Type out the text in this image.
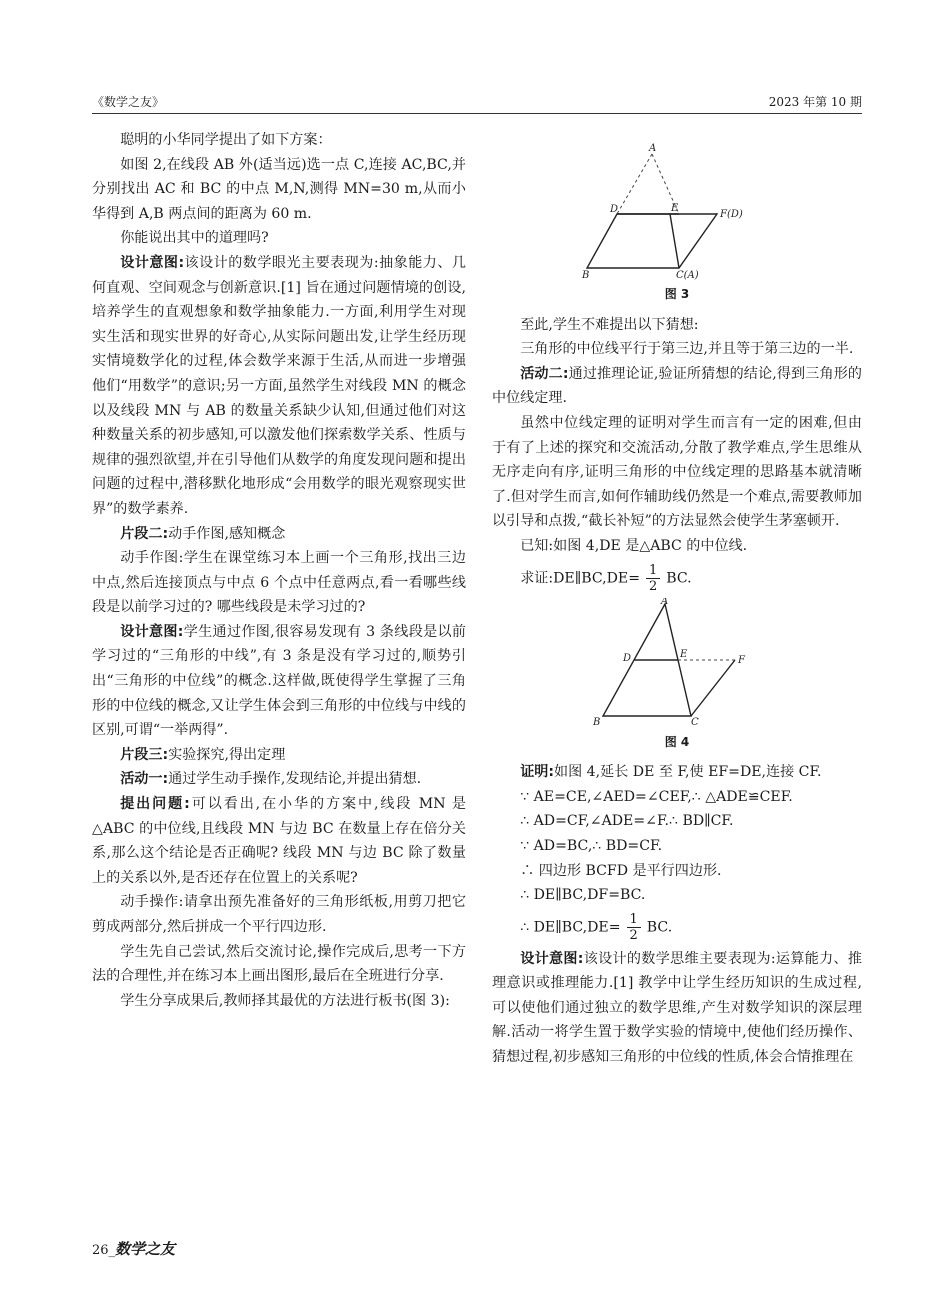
《数学之友》	2023 年第 10 期

聪明的小华同学提出了如下方案：

如图 2,在线段 AB 外(适当远)选一点 C,连接 AC,BC,并分别找出 AC 和 BC 的中点 M,N,测得 MN=30 m,从而小华得到 A,B 两点间的距离为 60 m.

你能说出其中的道理吗?

设计意图:该设计的数学眼光主要表现为:抽象能力、几何直观、空间观念与创新意识.[1] 旨在通过问题情境的创设,培养学生的直观想象和数学抽象能力.一方面,利用学生对现实生活和现实世界的好奇心,从实际问题出发,让学生经历现实情境数学化的过程,体会数学来源于生活,从而进一步增强他们“用数学”的意识;另一方面,虽然学生对线段 MN 的概念以及线段 MN 与 AB 的数量关系缺少认知,但通过他们对这种数量关系的初步感知,可以激发他们探索数学关系、性质与规律的强烈欲望,并在引导他们从数学的角度发现问题和提出问题的过程中,潜移默化地形成“会用数学的眼光观察现实世界”的数学素养.

片段二:动手作图,感知概念

动手作图:学生在课堂练习本上画一个三角形,找出三边中点,然后连接顶点与中点 6 个点中任意两点,看一看哪些线段是以前学习过的? 哪些线段是未学习过的?

设计意图:学生通过作图,很容易发现有 3 条线段是以前学习过的“三角形的中线”,有 3 条是没有学习过的,顺势引出“三角形的中位线”的概念.这样做,既使得学生掌握了三角形的中位线的概念,又让学生体会到三角形的中位线与中线的区别,可谓“一举两得”.

片段三:实验探究,得出定理

活动一:通过学生动手操作,发现结论,并提出猜想.

提出问题:可以看出,在小华的方案中,线段 MN 是△ABC 的中位线,且线段 MN 与边 BC 在数量上存在倍分关系,那么这个结论是否正确呢? 线段 MN 与边 BC 除了数量上的关系以外,是否还存在位置上的关系呢?

动手操作:请拿出预先准备好的三角形纸板,用剪刀把它剪成两部分,然后拼成一个平行四边形.

学生先自己尝试,然后交流讨论,操作完成后,思考一下方法的合理性,并在练习本上画出图形,最后在全班进行分享.

学生分享成果后,教师择其最优的方法进行板书(图 3):

A
D	E
F(D)
B	C(A)
图 3

至此,学生不难提出以下猜想:

三角形的中位线平行于第三边,并且等于第三边的一半.

活动二:通过推理论证,验证所猜想的结论,得到三角形的中位线定理.

虽然中位线定理的证明对学生而言有一定的困难,但由于有了上述的探究和交流活动,分散了教学难点,学生思维从无序走向有序,证明三角形的中位线定理的思路基本就清晰了.但对学生而言,如何作辅助线仍然是一个难点,需要教师加以引导和点拨,“截长补短”的方法显然会使学生茅塞顿开.

已知:如图 4,DE 是△ABC 的中位线.

求证:DE∥BC,DE= $\frac{1}{2}$ BC.
A
D	E
F
B	C
图 4

证明:如图 4,延长 DE 至 F,使 EF=DE,连接 CF.

∵ AE=CE,∠AED=∠CEF,∴ △ADE≌CEF.

∴ AD=CF,∠ADE=∠F.∴ BD∥CF.

∵ AD=BC,∴ BD=CF.

∴ 四边形 BCFD 是平行四边形.

∴ DE∥BC,DF=BC.

∴ DE∥BC,DE= $\frac{1}{2}$ BC.

设计意图:该设计的数学思维主要表现为:运算能力、推理意识或推理能力.[1] 教学中让学生经历知识的生成过程,可以使他们通过独立的数学思维,产生对数学知识的深层理解.活动一将学生置于数学实验的情境中,使他们经历操作、猜想过程,初步感知三角形的中位线的性质,体会合情推理在

26_数学之友
